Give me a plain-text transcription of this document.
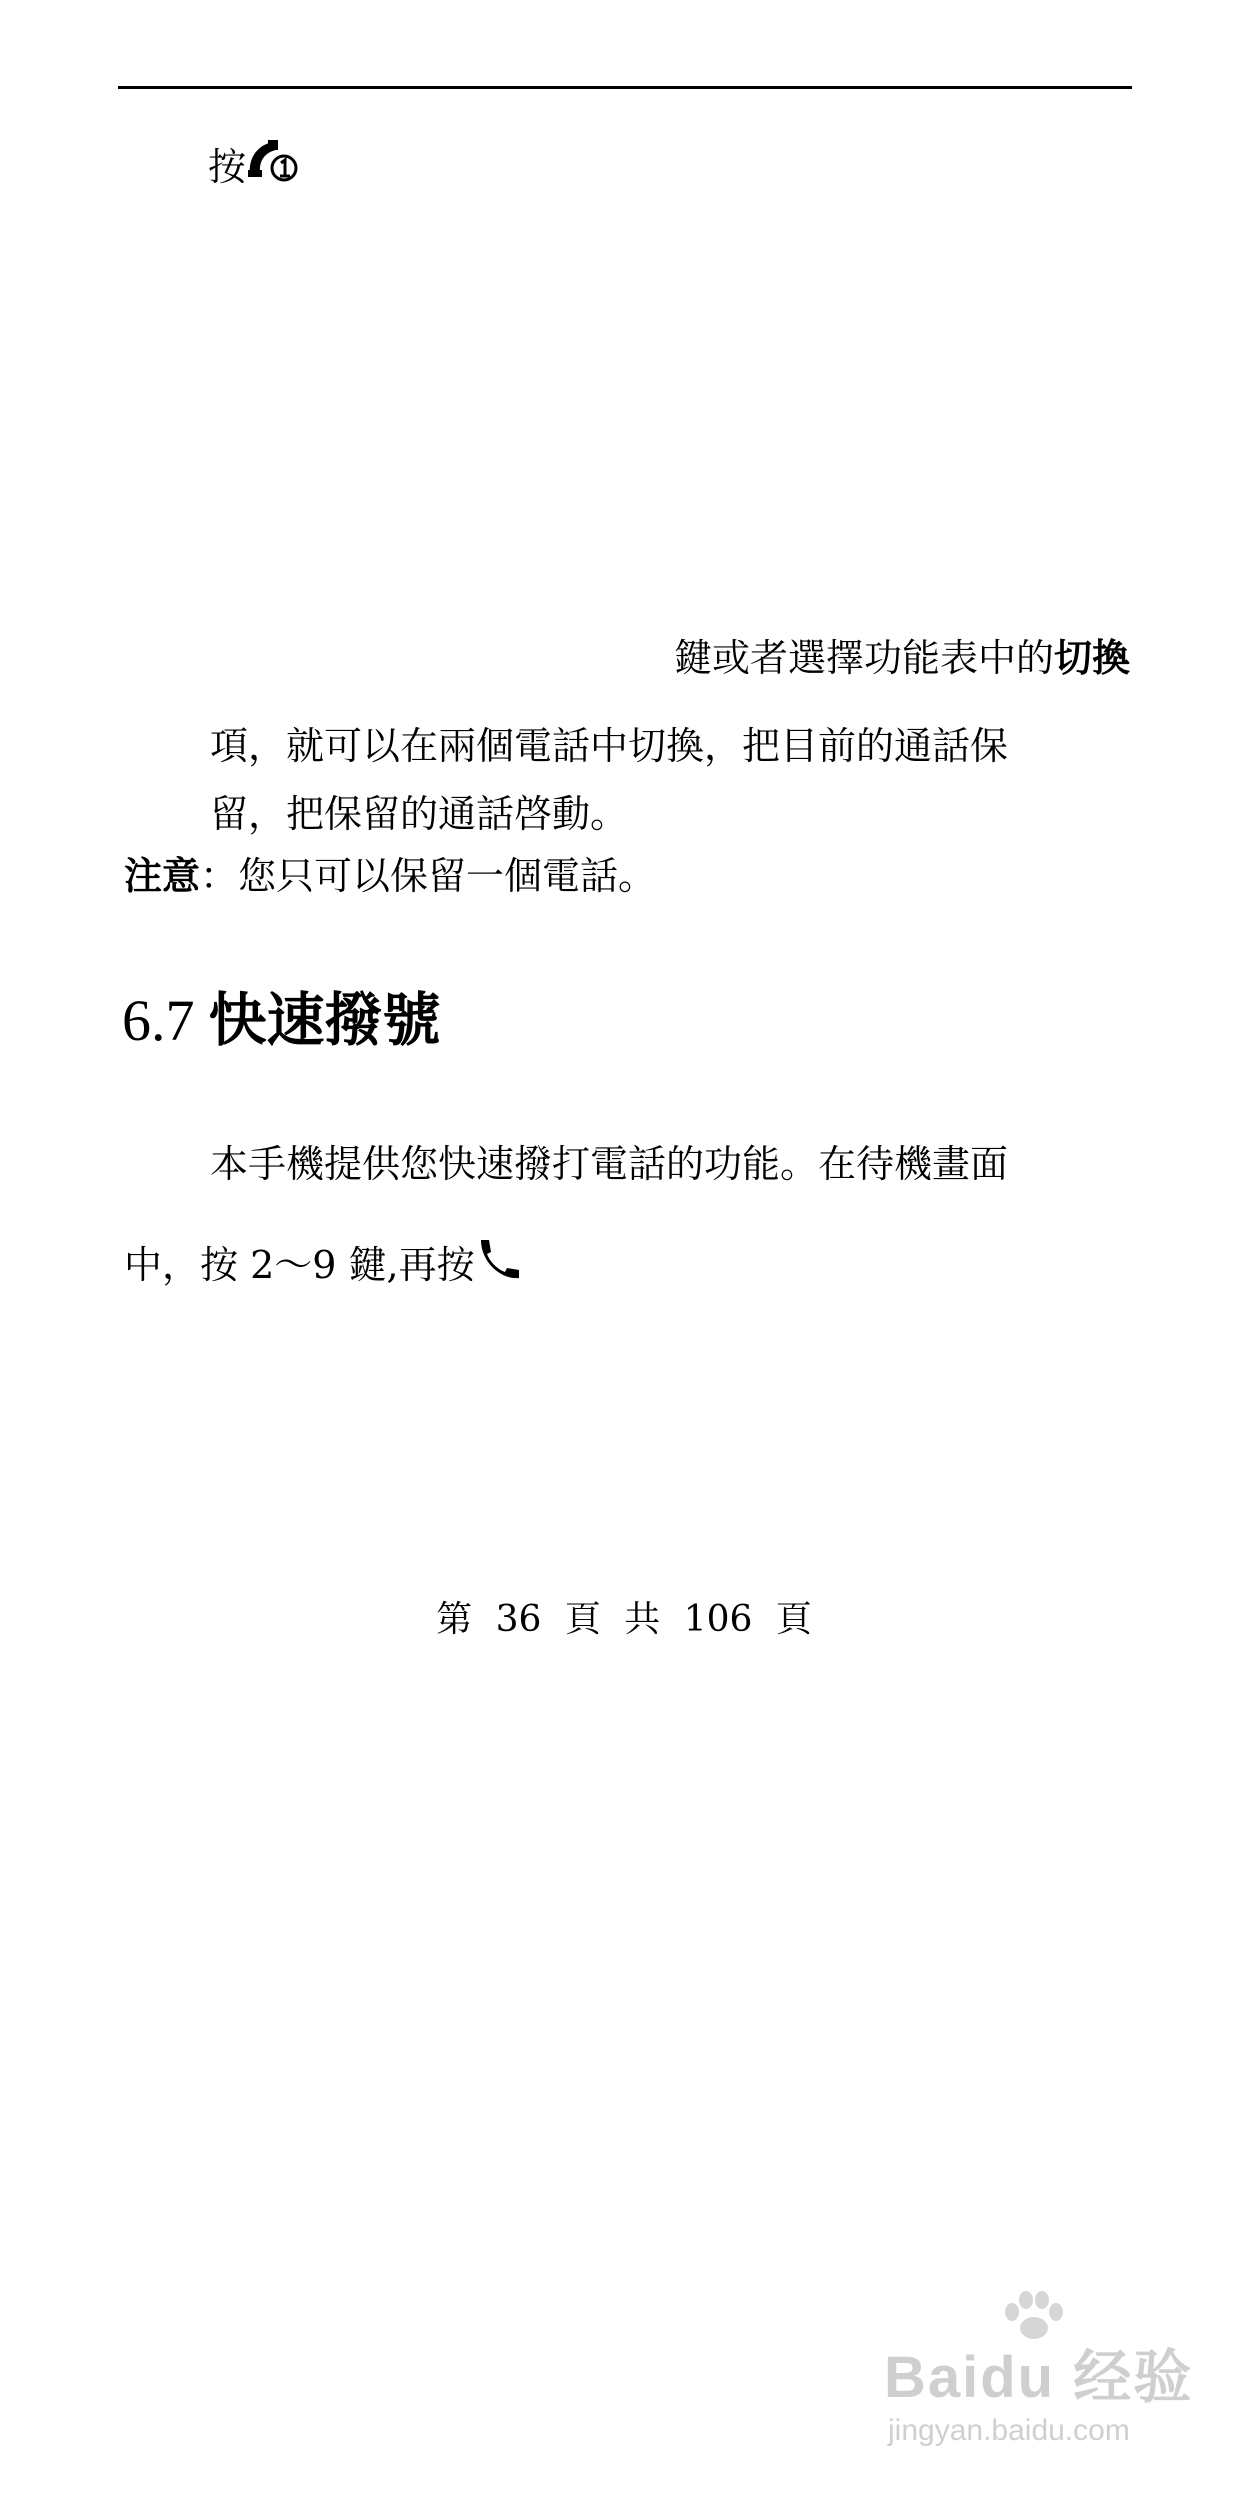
按
鍵或者選擇功能表中的切換
項，就可以在兩個電話中切換，把目前的通話保
留，把保留的通話啓動。
注意：您只可以保留一個電話。
6.7 快速撥號
本手機提供您快速撥打電話的功能。在待機畫面
中，按 2～9 鍵,再按
第 36 頁 共 106 頁
Baidu 经验
jingyan.baidu.com
